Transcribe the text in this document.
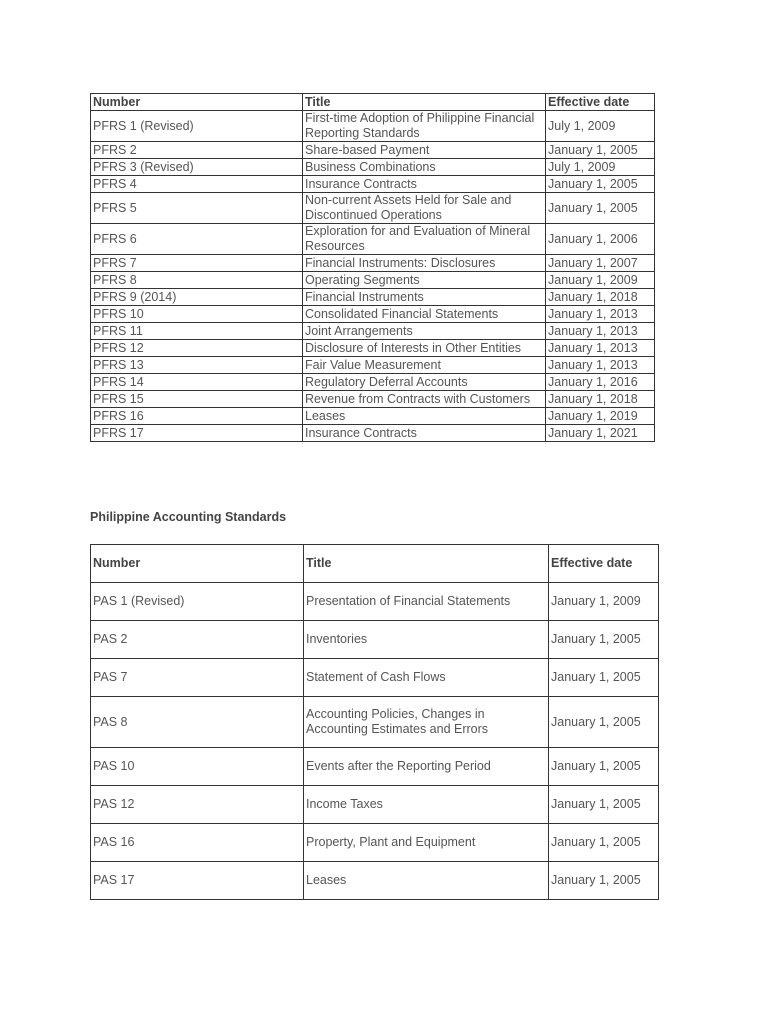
Number	Title	Effective date
PFRS 1 (Revised)	First-time Adoption of Philippine Financial Reporting Standards	July 1, 2009
PFRS 2	Share-based Payment	January 1, 2005
PFRS 3 (Revised)	Business Combinations	July 1, 2009
PFRS 4	Insurance Contracts	January 1, 2005
PFRS 5	Non-current Assets Held for Sale and Discontinued Operations	January 1, 2005
PFRS 6	Exploration for and Evaluation of Mineral Resources	January 1, 2006
PFRS 7	Financial Instruments: Disclosures	January 1, 2007
PFRS 8	Operating Segments	January 1, 2009
PFRS 9 (2014)	Financial Instruments	January 1, 2018
PFRS 10	Consolidated Financial Statements	January 1, 2013
PFRS 11	Joint Arrangements	January 1, 2013
PFRS 12	Disclosure of Interests in Other Entities	January 1, 2013
PFRS 13	Fair Value Measurement	January 1, 2013
PFRS 14	Regulatory Deferral Accounts	January 1, 2016
PFRS 15	Revenue from Contracts with Customers	January 1, 2018
PFRS 16	Leases	January 1, 2019
PFRS 17	Insurance Contracts	January 1, 2021

Philippine Accounting Standards

Number	Title	Effective date
PAS 1 (Revised)	Presentation of Financial Statements	January 1, 2009
PAS 2	Inventories	January 1, 2005
PAS 7	Statement of Cash Flows	January 1, 2005
PAS 8	Accounting Policies, Changes in Accounting Estimates and Errors	January 1, 2005
PAS 10	Events after the Reporting Period	January 1, 2005
PAS 12	Income Taxes	January 1, 2005
PAS 16	Property, Plant and Equipment	January 1, 2005
PAS 17	Leases	January 1, 2005
